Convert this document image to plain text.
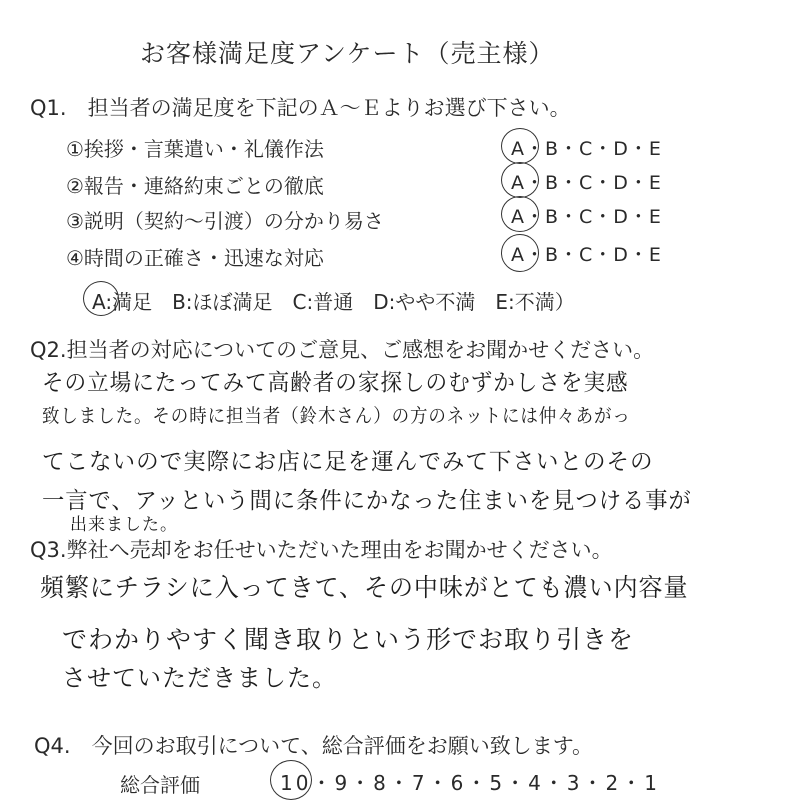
お客様満足度アンケート（売主様）
Q1.　担当者の満足度を下記のＡ～Ｅよりお選び下さい。
①挨拶・言葉遣い・礼儀作法	A・B・C・D・E
②報告・連絡約束ごとの徹底	A・B・C・D・E
③説明（契約～引渡）の分かり易さ	A・B・C・D・E
④時間の正確さ・迅速な対応	A・B・C・D・E
A:満足　B:ほぼ満足　C:普通　D:やや不満　E:不満）
Q2.担当者の対応についてのご意見、ご感想をお聞かせください。
その立場にたってみて高齢者の家探しのむずかしさを実感
致しました。その時に担当者（鈴木さん）の方のネットには仲々あがっ
てこないので実際にお店に足を運んでみて下さいとのその
一言で、アッという間に条件にかなった住まいを見つける事が
出来ました。
Q3.弊社へ売却をお任せいただいた理由をお聞かせください。
頻繁にチラシに入ってきて、その中味がとても濃い内容量
でわかりやすく聞き取りという形でお取り引きを
させていただきました。
Q4.　今回のお取引について、総合評価をお願い致します。
総合評価	10・9・8・7・6・5・4・3・2・1
